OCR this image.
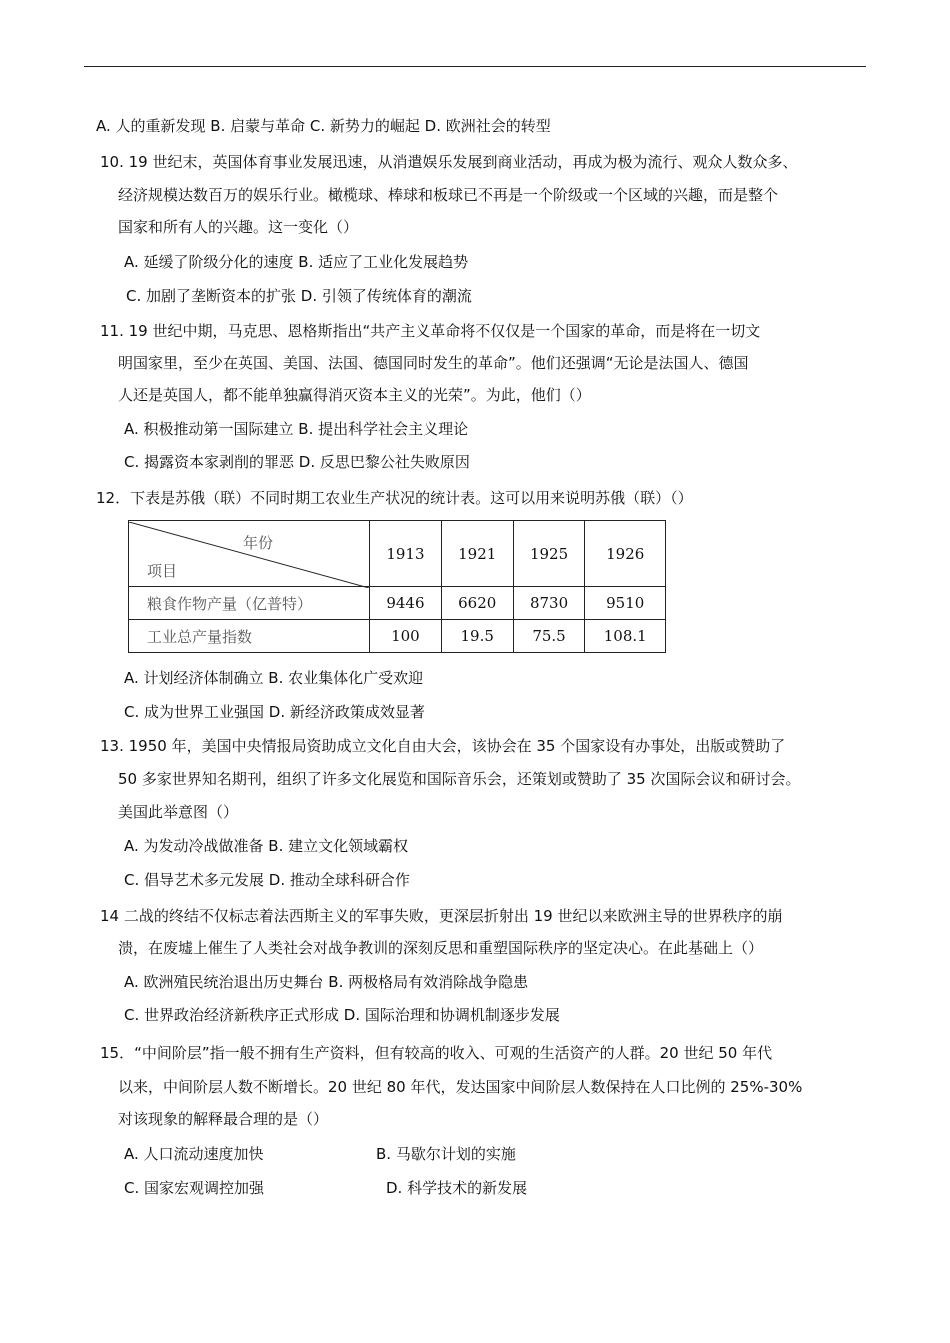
A. 人的重新发现 B. 启蒙与革命 C. 新势力的崛起 D. 欧洲社会的转型
10. 19 世纪末，英国体育事业发展迅速，从消遣娱乐发展到商业活动，再成为极为流行、观众人数众多、
经济规模达数百万的娱乐行业。橄榄球、棒球和板球已不再是一个阶级或一个区域的兴趣，而是整个
国家和所有人的兴趣。这一变化（）
A. 延缓了阶级分化的速度 B. 适应了工业化发展趋势
C. 加剧了垄断资本的扩张 D. 引领了传统体育的潮流
11. 19 世纪中期，马克思、恩格斯指出“共产主义革命将不仅仅是一个国家的革命，而是将在一切文
明国家里，至少在英国、美国、法国、德国同时发生的革命”。他们还强调“无论是法国人、德国
人还是英国人，都不能单独赢得消灭资本主义的光荣”。为此，他们（）
A. 积极推动第一国际建立 B. 提出科学社会主义理论
C. 揭露资本家剥削的罪恶 D. 反思巴黎公社失败原因
12．下表是苏俄（联）不同时期工农业生产状况的统计表。这可以用来说明苏俄（联）（）
年份
项目	1913	1921	1925	1926
粮食作物产量（亿普特）	9446	6620	8730	9510
工业总产量指数	100	19.5	75.5	108.1
A. 计划经济体制确立 B. 农业集体化广受欢迎
C. 成为世界工业强国 D. 新经济政策成效显著
13. 1950 年，美国中央情报局资助成立文化自由大会，该协会在 35 个国家设有办事处，出版或赞助了
50 多家世界知名期刊，组织了许多文化展览和国际音乐会，还策划或赞助了 35 次国际会议和研讨会。
美国此举意图（）
A. 为发动冷战做准备 B. 建立文化领域霸权
C. 倡导艺术多元发展 D. 推动全球科研合作
14 二战的终结不仅标志着法西斯主义的军事失败，更深层折射出 19 世纪以来欧洲主导的世界秩序的崩
溃，在废墟上催生了人类社会对战争教训的深刻反思和重塑国际秩序的坚定决心。在此基础上（）
A. 欧洲殖民统治退出历史舞台 B. 两极格局有效消除战争隐患
C. 世界政治经济新秩序正式形成 D. 国际治理和协调机制逐步发展
15．“中间阶层”指一般不拥有生产资料，但有较高的收入、可观的生活资产的人群。20 世纪 50 年代
以来，中间阶层人数不断增长。20 世纪 80 年代，发达国家中间阶层人数保持在人口比例的 25%-30%
对该现象的解释最合理的是（）
A. 人口流动速度加快	B. 马歇尔计划的实施
C. 国家宏观调控加强	D. 科学技术的新发展
